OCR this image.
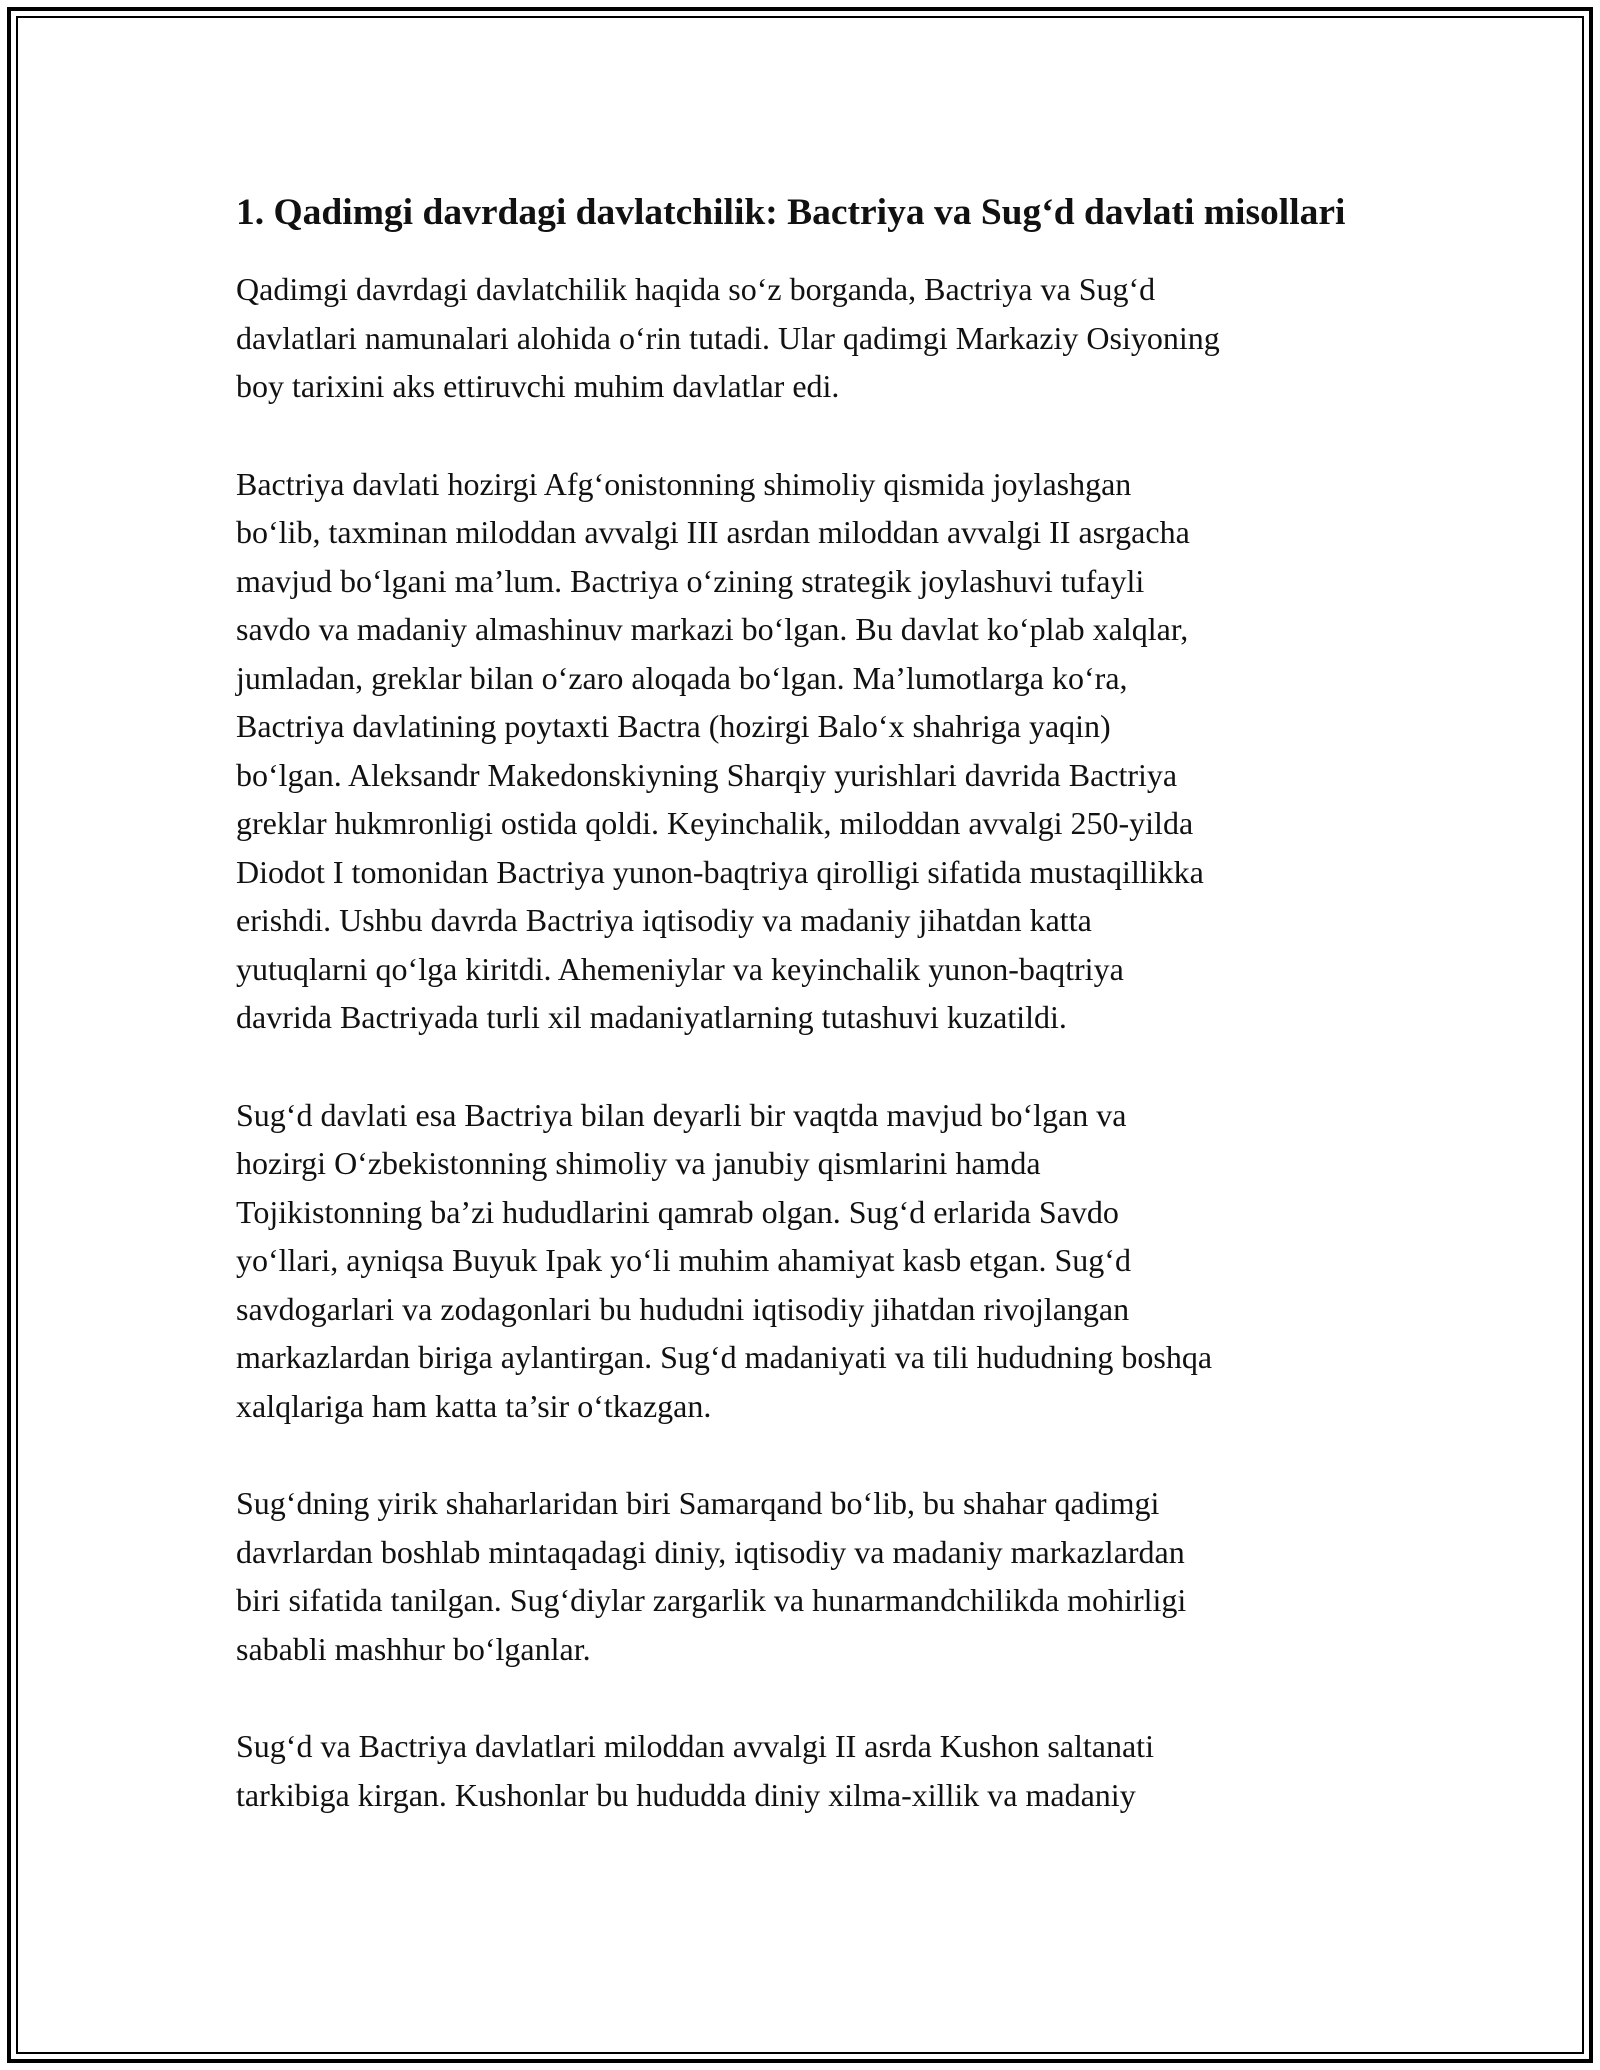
1. Qadimgi davrdagi davlatchilik: Bactriya va Sug‘d davlati misollari

Qadimgi davrdagi davlatchilik haqida so‘z borganda, Bactriya va Sug‘d
davlatlari namunalari alohida o‘rin tutadi. Ular qadimgi Markaziy Osiyoning
boy tarixini aks ettiruvchi muhim davlatlar edi.

Bactriya davlati hozirgi Afg‘onistonning shimoliy qismida joylashgan
bo‘lib, taxminan miloddan avvalgi III asrdan miloddan avvalgi II asrgacha
mavjud bo‘lgani ma’lum. Bactriya o‘zining strategik joylashuvi tufayli
savdo va madaniy almashinuv markazi bo‘lgan. Bu davlat ko‘plab xalqlar,
jumladan, greklar bilan o‘zaro aloqada bo‘lgan. Ma’lumotlarga ko‘ra,
Bactriya davlatining poytaxti Bactra (hozirgi Balo‘x shahriga yaqin)
bo‘lgan. Aleksandr Makedonskiyning Sharqiy yurishlari davrida Bactriya
greklar hukmronligi ostida qoldi. Keyinchalik, miloddan avvalgi 250-yilda
Diodot I tomonidan Bactriya yunon-baqtriya qirolligi sifatida mustaqillikka
erishdi. Ushbu davrda Bactriya iqtisodiy va madaniy jihatdan katta
yutuqlarni qo‘lga kiritdi. Ahemeniylar va keyinchalik yunon-baqtriya
davrida Bactriyada turli xil madaniyatlarning tutashuvi kuzatildi.

Sug‘d davlati esa Bactriya bilan deyarli bir vaqtda mavjud bo‘lgan va
hozirgi O‘zbekistonning shimoliy va janubiy qismlarini hamda
Tojikistonning ba’zi hududlarini qamrab olgan. Sug‘d erlarida Savdo
yo‘llari, ayniqsa Buyuk Ipak yo‘li muhim ahamiyat kasb etgan. Sug‘d
savdogarlari va zodagonlari bu hududni iqtisodiy jihatdan rivojlangan
markazlardan biriga aylantirgan. Sug‘d madaniyati va tili hududning boshqa
xalqlariga ham katta ta’sir o‘tkazgan.

Sug‘dning yirik shaharlaridan biri Samarqand bo‘lib, bu shahar qadimgi
davrlardan boshlab mintaqadagi diniy, iqtisodiy va madaniy markazlardan
biri sifatida tanilgan. Sug‘diylar zargarlik va hunarmandchilikda mohirligi
sababli mashhur bo‘lganlar.

Sug‘d va Bactriya davlatlari miloddan avvalgi II asrda Kushon saltanati
tarkibiga kirgan. Kushonlar bu hududda diniy xilma-xillik va madaniy
